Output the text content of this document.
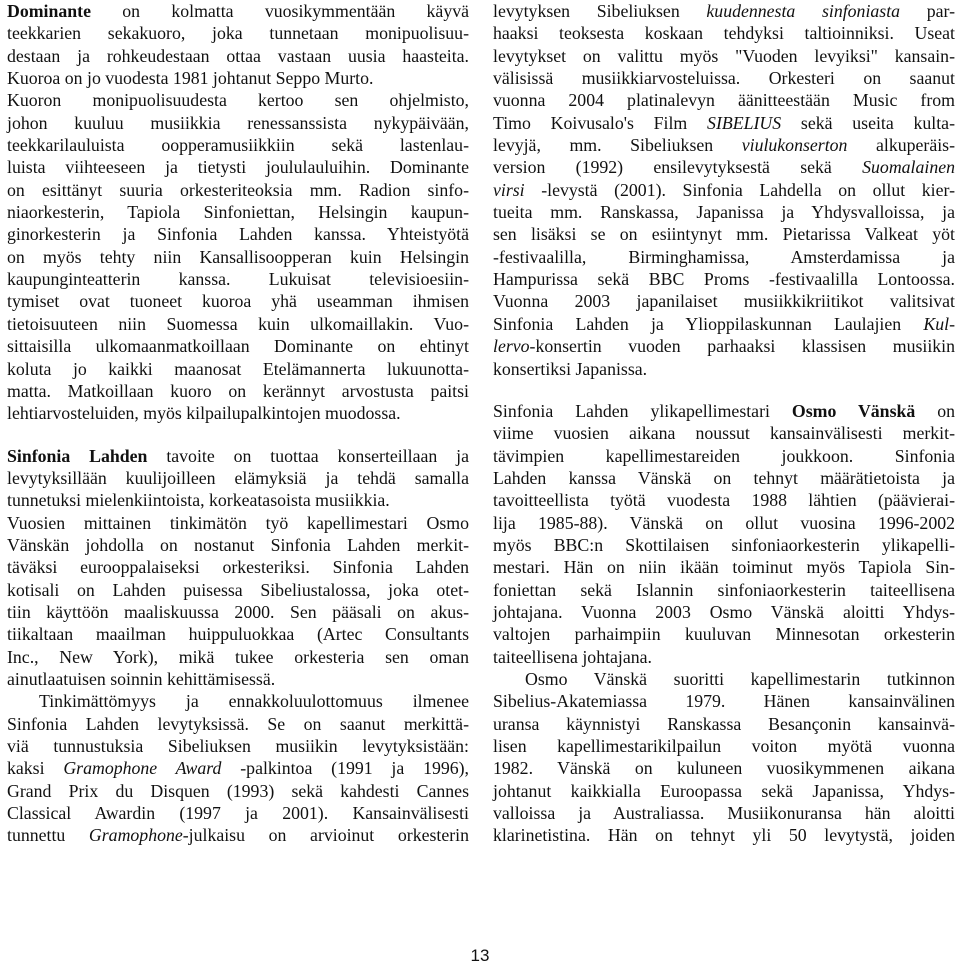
Dominante on kolmatta vuosikymmentään käyvä
teekkarien sekakuoro, joka tunnetaan monipuolisuu-
destaan ja rohkeudestaan ottaa vastaan uusia haasteita.
Kuoroa on jo vuodesta 1981 johtanut Seppo Murto.
Kuoron monipuolisuudesta kertoo sen ohjelmisto,
johon kuuluu musiikkia renessanssista nykypäivään,
teekkarilauluista oopperamusiikkiin sekä lastenlau-
luista viihteeseen ja tietysti joululauluihin. Dominante
on esittänyt suuria orkesteriteoksia mm. Radion sinfo-
niaorkesterin, Tapiola Sinfoniettan, Helsingin kaupun-
ginorkesterin ja Sinfonia Lahden kanssa. Yhteistyötä
on myös tehty niin Kansallisoopperan kuin Helsingin
kaupunginteatterin kanssa. Lukuisat televisioesiin-
tymiset ovat tuoneet kuoroa yhä useamman ihmisen
tietoisuuteen niin Suomessa kuin ulkomaillakin. Vuo-
sittaisilla ulkomaanmatkoillaan Dominante on ehtinyt
koluta jo kaikki maanosat Etelämannerta lukuunotta-
matta. Matkoillaan kuoro on kerännyt arvostusta paitsi
lehtiarvosteluiden, myös kilpailupalkintojen muodossa.
Sinfonia Lahden tavoite on tuottaa konserteillaan ja
levytyksillään kuulijoilleen elämyksiä ja tehdä samalla
tunnetuksi mielenkiintoista, korkeatasoista musiikkia.
Vuosien mittainen tinkimätön työ kapellimestari Osmo
Vänskän johdolla on nostanut Sinfonia Lahden merkit-
täväksi eurooppalaiseksi orkesteriksi. Sinfonia Lahden
kotisali on Lahden puisessa Sibeliustalossa, joka otet-
tiin käyttöön maaliskuussa 2000. Sen pääsali on akus-
tiikaltaan maailman huippuluokkaa (Artec Consultants
Inc., New York), mikä tukee orkesteria sen oman
ainutlaatuisen soinnin kehittämisessä.
Tinkimättömyys ja ennakkoluulottomuus ilmenee
Sinfonia Lahden levytyksissä. Se on saanut merkittä-
viä tunnustuksia Sibeliuksen musiikin levytyksistään:
kaksi Gramophone Award -palkintoa (1991 ja 1996),
Grand Prix du Disquen (1993) sekä kahdesti Cannes
Classical Awardin (1997 ja 2001). Kansainvälisesti
tunnettu Gramophone-julkaisu on arvioinut orkesterin
levytyksen Sibeliuksen kuudennesta sinfoniasta par-
haaksi teoksesta koskaan tehdyksi taltioinniksi. Useat
levytykset on valittu myös "Vuoden levyiksi" kansain-
välisissä musiikkiarvosteluissa. Orkesteri on saanut
vuonna 2004 platinalevyn äänitteestään Music from
Timo Koivusalo's Film SIBELIUS sekä useita kulta-
levyjä, mm. Sibeliuksen viulukonserton alkuperäis-
version (1992) ensilevytyksestä sekä Suomalainen
virsi -levystä (2001). Sinfonia Lahdella on ollut kier-
tueita mm. Ranskassa, Japanissa ja Yhdysvalloissa, ja
sen lisäksi se on esiintynyt mm. Pietarissa Valkeat yöt
-festivaalilla, Birminghamissa, Amsterdamissa ja
Hampurissa sekä BBC Proms -festivaalilla Lontoossa.
Vuonna 2003 japanilaiset musiikkikriitikot valitsivat
Sinfonia Lahden ja Ylioppilaskunnan Laulajien Kul-
lervo-konsertin vuoden parhaaksi klassisen musiikin
konsertiksi Japanissa.
Sinfonia Lahden ylikapellimestari Osmo Vänskä on
viime vuosien aikana noussut kansainvälisesti merkit-
tävimpien kapellimestareiden joukkoon. Sinfonia
Lahden kanssa Vänskä on tehnyt määrätietoista ja
tavoitteellista työtä vuodesta 1988 lähtien (päävierai-
lija 1985-88). Vänskä on ollut vuosina 1996-2002
myös BBC:n Skottilaisen sinfoniaorkesterin ylikapelli-
mestari. Hän on niin ikään toiminut myös Tapiola Sin-
foniettan sekä Islannin sinfoniaorkesterin taiteellisena
johtajana. Vuonna 2003 Osmo Vänskä aloitti Yhdys-
valtojen parhaimpiin kuuluvan Minnesotan orkesterin
taiteellisena johtajana.
Osmo Vänskä suoritti kapellimestarin tutkinnon
Sibelius-Akatemiassa 1979. Hänen kansainvälinen
uransa käynnistyi Ranskassa Besançonin kansainvä-
lisen kapellimestarikilpailun voiton myötä vuonna
1982. Vänskä on kuluneen vuosikymmenen aikana
johtanut kaikkialla Euroopassa sekä Japanissa, Yhdys-
valloissa ja Australiassa. Musiikonuransa hän aloitti
klarinetistina. Hän on tehnyt yli 50 levytystä, joiden
13
